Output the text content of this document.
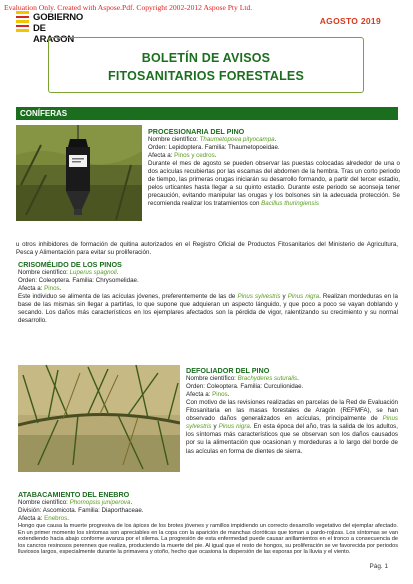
Evaluation Only. Created with Aspose.Pdf. Copyright 2002-2012 Aspose Pty Ltd.
GOBIERNO
DE ARAGON
AGOSTO 2019
BOLETÍN DE AVISOS
FITOSANITARIOS FORESTALES
CONÍFERAS
PROCESIONARIA DEL PINO
Nombre científico: Thaumetopoea pityocampa.
Orden: Lepidoptera. Familia: Thaumetopoeidae.
Afecta a: Pinos y cedros.
Durante el mes de agosto se pueden observar las puestas colocadas alrededor de una o dos acículas recubiertas por las escamas del abdomen de la hembra. Tras un corto periodo de tiempo, las primeras orugas iniciarán su desarrollo formando, a partir del tercer estadio, pelos urticantes hasta llegar a su quinto estadio. Durante este periodo se aconseja tener precaución, evitando manipular las orugas y los bolsones sin la adecuada protección. Se recomienda realizar los tratamientos con Bacillus thuringiensis
u otros inhibidores de formación de quitina autorizados en el Registro Oficial de Productos Fitosanitarios del Ministerio de Agricultura, Pesca y Alimentación para evitar su proliferación.
CRISOMÉLIDO DE LOS PINOS
Nombre científico: Luperus spagnoli.
Orden: Coleoptera. Familia: Chrysomelidae.
Afecta a: Pinos.
Este individuo se alimenta de las acículas jóvenes, preferentemente de las de Pinus sylvestris y Pinus nigra. Realizan mordeduras en la base de las mismas sin llegar a partirlas, lo que supone que adquieran un aspecto lánguido, y que poco a poco se vayan doblando y secando. Los daños más característicos en los ejemplares afectados son la pérdida de vigor, ralentizando su crecimiento y su normal desarrollo.
DEFOLIADOR DEL PINO
Nombre científico: Brachyderes suturalis.
Orden: Coleoptera. Familia: Curculionidae.
Afecta a: Pinos.
Con motivo de las revisiones realizadas en parcelas de la Red de Evaluación Fitosanitaria en las masas forestales de Aragón (REFMFA), se han observado daños generalizados en acículas, principalmente de Pinus sylvestris y Pinus nigra. En esta época del año, tras la salida de los adultos, los síntomas más característicos que se observan son los daños causados por su la alimentación que ocasionan y mordeduras a lo largo del borde de las acículas en forma de dientes de sierra.
ATABACAMIENTO DEL ENEBRO
Nombre científico: Phomopsis juniperova.
División: Ascomicota. Familia: Diaporthaceae.
Afecta a: Enebros.
Hongo que causa la muerte progresiva de los ápices de los brotes jóvenes y ramillos impidiendo un correcto desarrollo vegetativo del ejemplar afectado. En un primer momento los síntomas son apreciables en la copa con la aparición de manchas cloróticas que toman a pardo-rojizas. Los síntomas se van extendiendo hacia abajo conforme avanza por el xilema. La progresión de esta enfermedad puede causar anillamientos en el tronco a consecuencia de los cancros resinosos perennes que realiza, produciendo la muerte del pie. Al igual que el resto de hongos, su proliferación se ve favorecida por periodos lluviosos largos, especialmente durante la primavera y otoño, hecho que ocasiona la dispersión de las esporas por la lluvia y el viento.
Pág. 1
